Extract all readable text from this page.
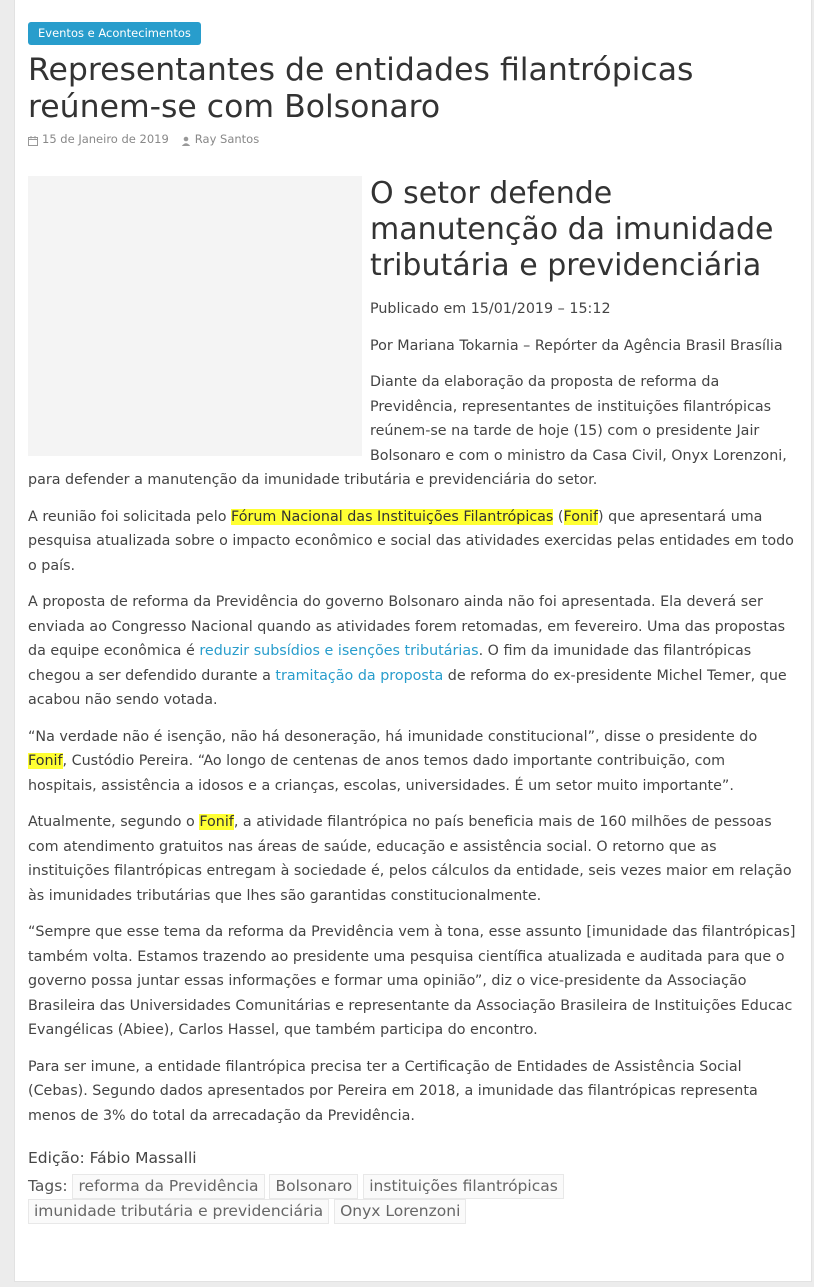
Eventos e Acontecimentos
Representantes de entidades filantrópicas reúnem-se com Bolsonaro
15 de Janeiro de 2019 Ray Santos
O setor defende manutenção da imunidade tributária e previdenciária

Publicado em 15/01/2019 – 15:12

Por Mariana Tokarnia – Repórter da Agência Brasil Brasília

Diante da elaboração da proposta de reforma da Previdência, representantes de instituições filantrópicas reúnem-se na tarde de hoje (15) com o presidente Jair Bolsonaro e com o ministro da Casa Civil, Onyx Lorenzoni, para defender a manutenção da imunidade tributária e previdenciária do setor.

A reunião foi solicitada pelo Fórum Nacional das Instituições Filantrópicas (Fonif) que apresentará uma pesquisa atualizada sobre o impacto econômico e social das atividades exercidas pelas entidades em todo o país.

A proposta de reforma da Previdência do governo Bolsonaro ainda não foi apresentada. Ela deverá ser enviada ao Congresso Nacional quando as atividades forem retomadas, em fevereiro. Uma das propostas da equipe econômica é reduzir subsídios e isenções tributárias. O fim da imunidade das filantrópicas chegou a ser defendido durante a tramitação da proposta de reforma do ex-presidente Michel Temer, que acabou não sendo votada.

“Na verdade não é isenção, não há desoneração, há imunidade constitucional”, disse o presidente do Fonif, Custódio Pereira. “Ao longo de centenas de anos temos dado importante contribuição, com hospitais, assistência a idosos e a crianças, escolas, universidades. É um setor muito importante”.

Atualmente, segundo o Fonif, a atividade filantrópica no país beneficia mais de 160 milhões de pessoas com atendimento gratuitos nas áreas de saúde, educação e assistência social. O retorno que as instituições filantrópicas entregam à sociedade é, pelos cálculos da entidade, seis vezes maior em relação às imunidades tributárias que lhes são garantidas constitucionalmente.

“Sempre que esse tema da reforma da Previdência vem à tona, esse assunto [imunidade das filantrópicas] também volta. Estamos trazendo ao presidente uma pesquisa científica atualizada e auditada para que o governo possa juntar essas informações e formar uma opinião”, diz o vice-presidente da Associação Brasileira das Universidades Comunitárias e representante da Associação Brasileira de Instituições Educac Evangélicas (Abiee), Carlos Hassel, que também participa do encontro.

Para ser imune, a entidade filantrópica precisa ter a Certificação de Entidades de Assistência Social (Cebas). Segundo dados apresentados por Pereira em 2018, a imunidade das filantrópicas representa menos de 3% do total da arrecadação da Previdência.

Edição: Fábio Massalli
Tags: reforma da Previdência Bolsonaro instituições filantrópicas imunidade tributária e previdenciária Onyx Lorenzoni
